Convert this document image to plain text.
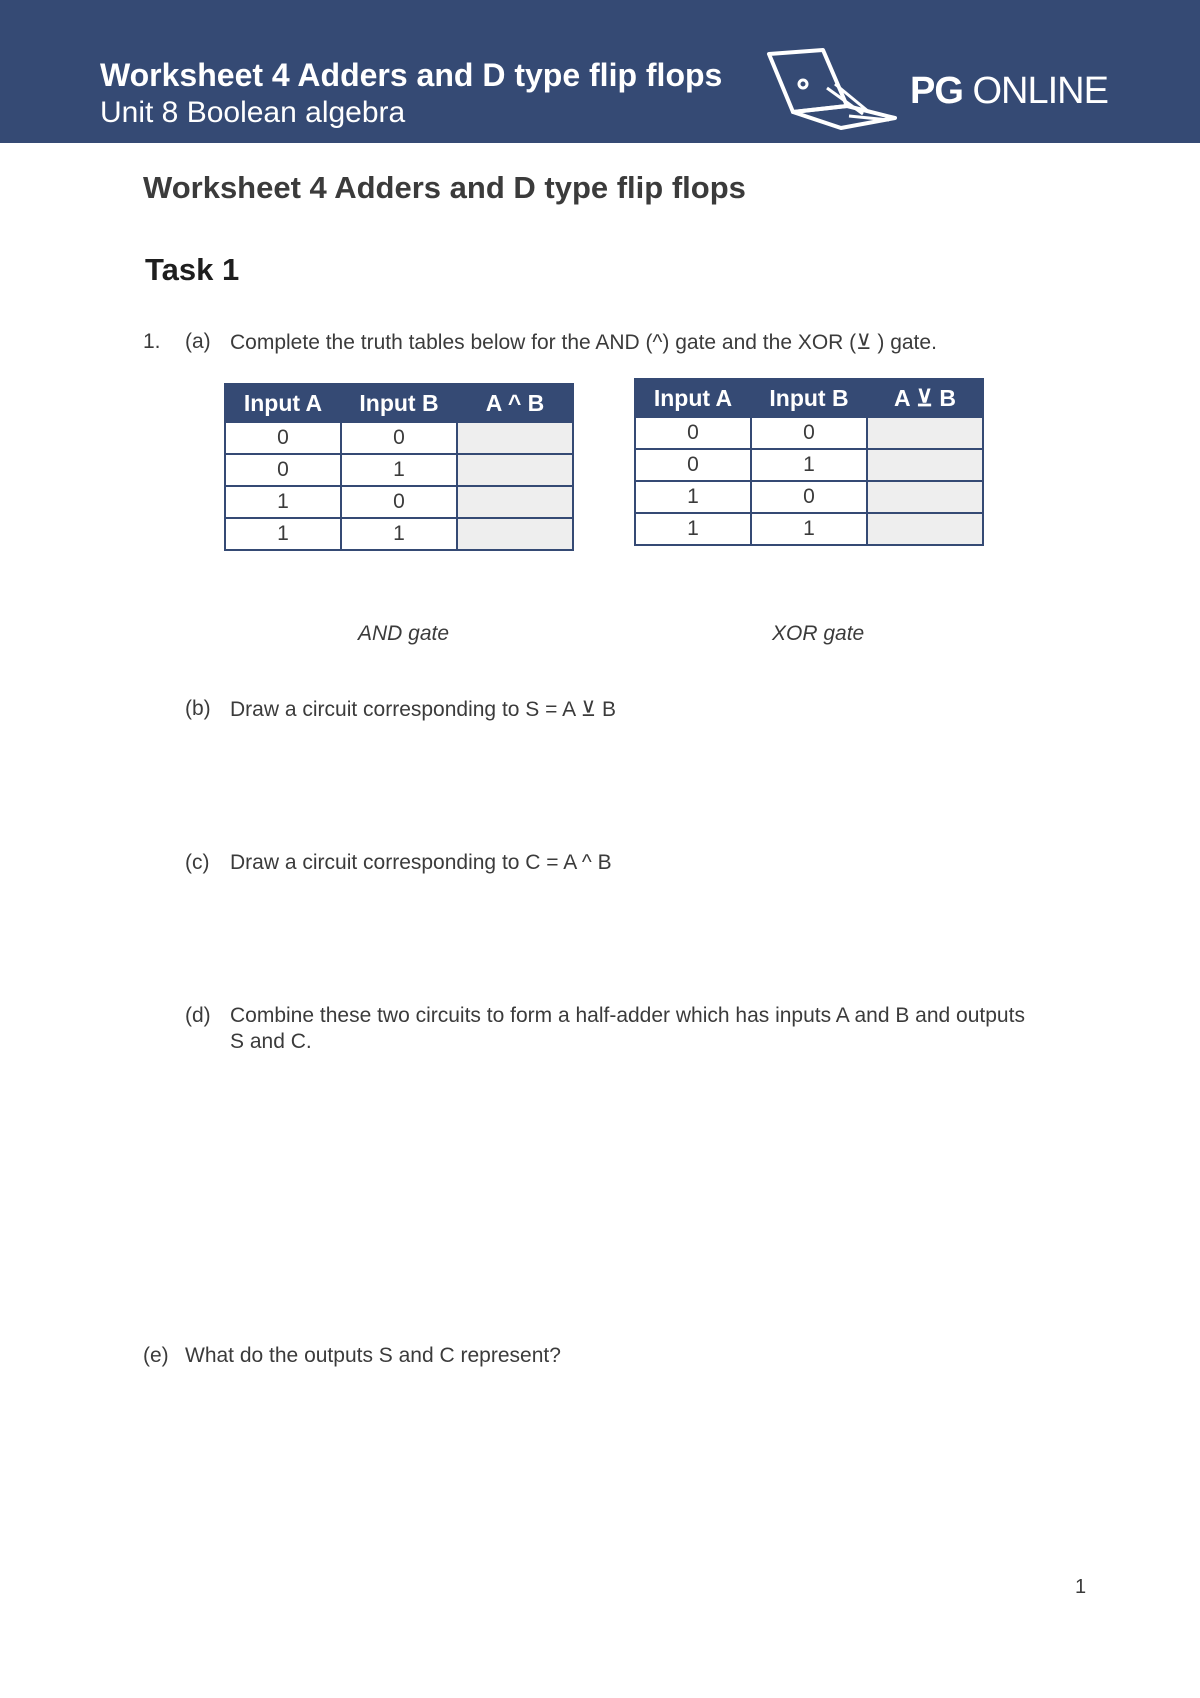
Worksheet 4 Adders and D type flip flops
Unit 8 Boolean algebra
PG ONLINE
Worksheet 4 Adders and D type flip flops
Task 1
1. (a) Complete the truth tables below for the AND (^) gate and the XOR (⊻ ) gate.
Input A	Input B	A ^ B
0	0	
0	1	
1	0	
1	1	
Input A	Input B	A ⊻ B
0	0	
0	1	
1	0	
1	1	
AND gate	XOR gate
(b) Draw a circuit corresponding to S = A ⊻ B
(c) Draw a circuit corresponding to C = A ^ B
(d) Combine these two circuits to form a half-adder which has inputs A and B and outputs
S and C.
(e) What do the outputs S and C represent?
1
